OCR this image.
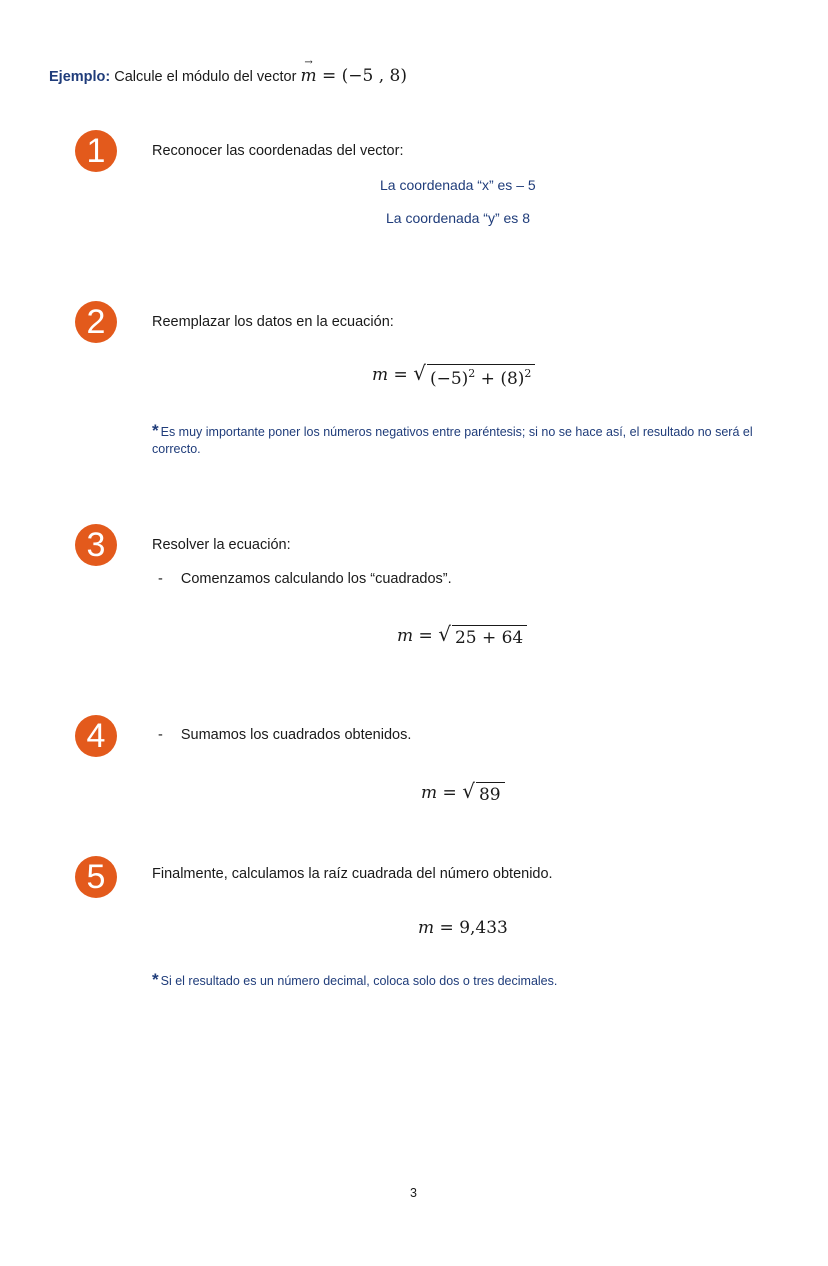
Ejemplo: Calcule el módulo del vector
→
m = (−5 , 8)
1	Reconocer las coordenadas del vector:
La coordenada “x” es – 5
La coordenada “y” es 8
2	Reemplazar los datos en la ecuación:
m = √ $(-5)^2 + (8)^2$
* Es muy importante poner los números negativos entre paréntesis; si no se hace así, el resultado no será el correcto.
3	Resolver la ecuación:
- Comenzamos calculando los “cuadrados”.
m = √ 25 + 64
4	- Sumamos los cuadrados obtenidos.
m = √ 89
5	Finalmente, calculamos la raíz cuadrada del número obtenido.
m = 9,433
* Si el resultado es un número decimal, coloca solo dos o tres decimales.
3
